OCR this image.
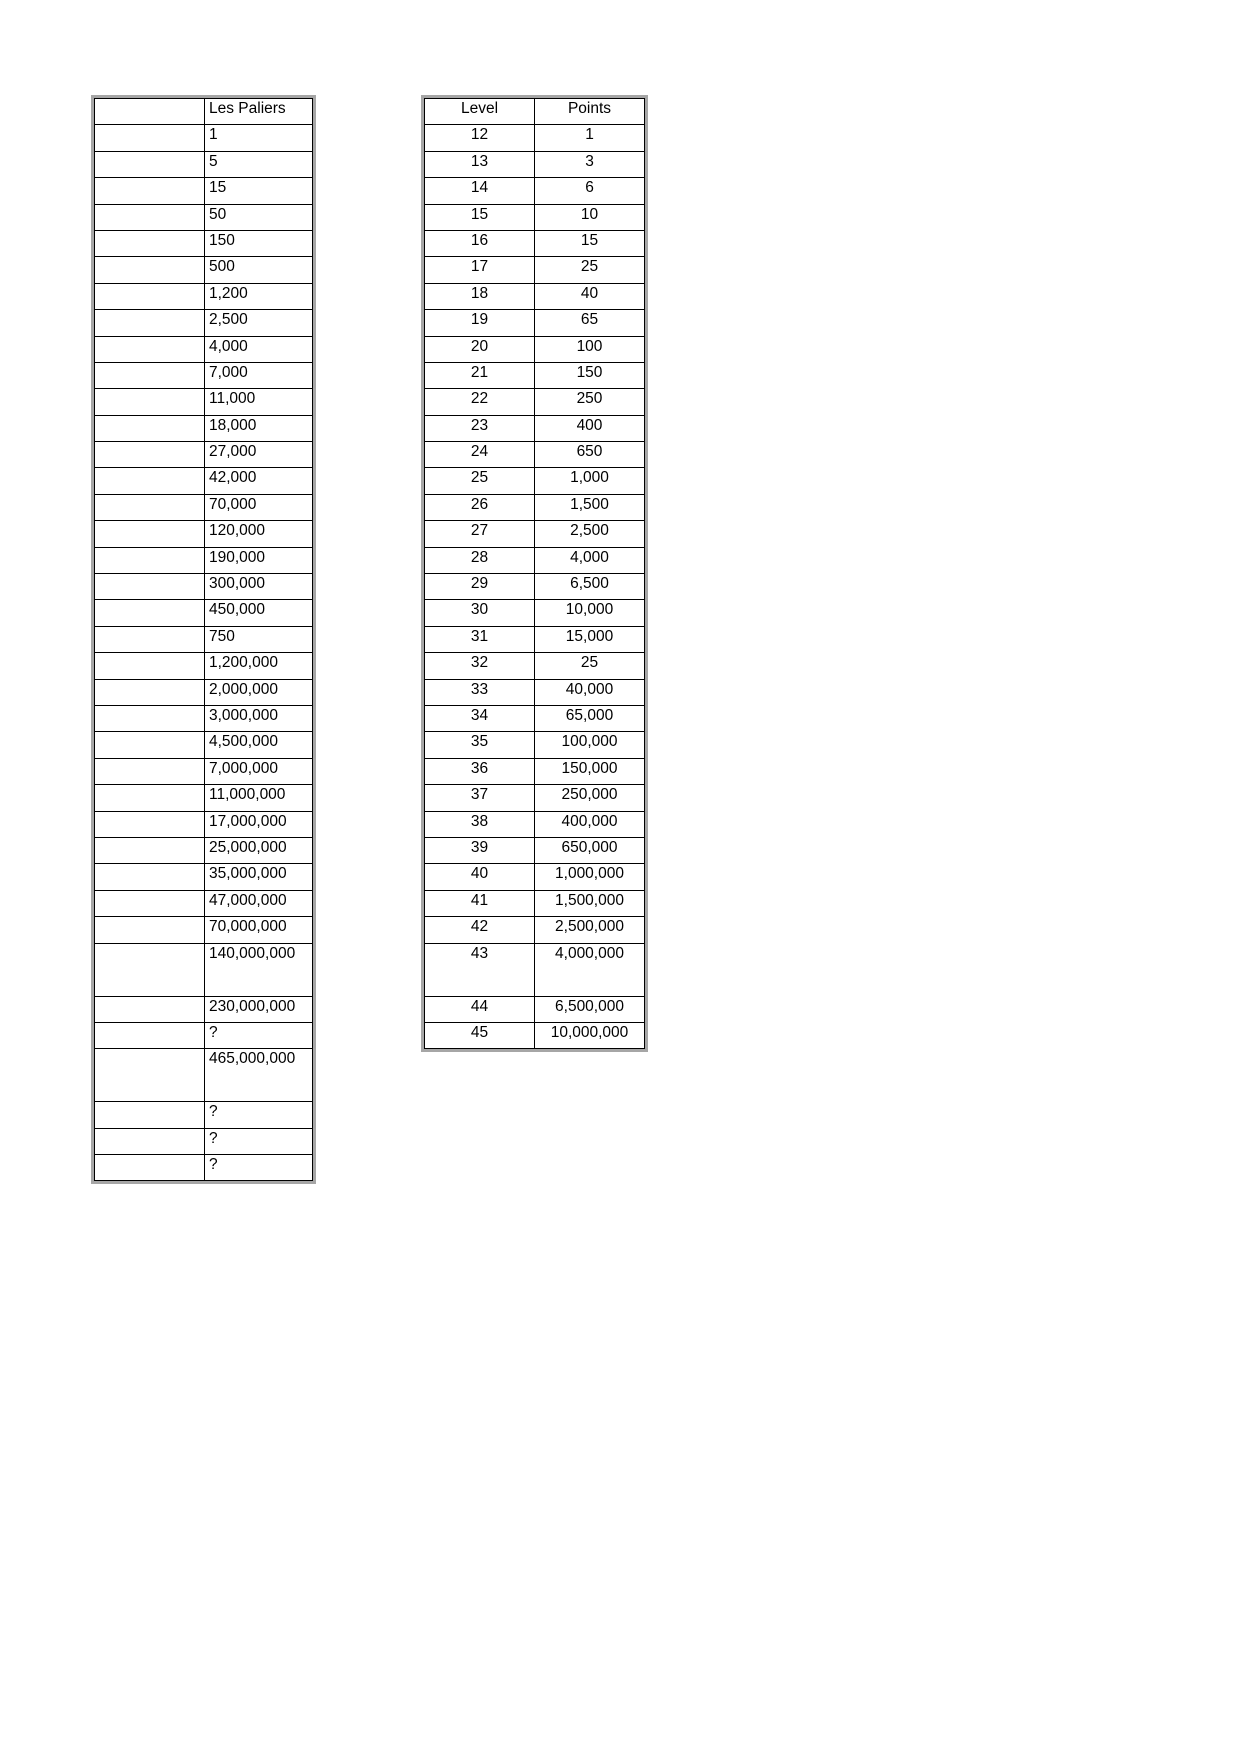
	Les Paliers
	1
	5
	15
	50
	150
	500
	1,200
	2,500
	4,000
	7,000
	11,000
	18,000
	27,000
	42,000
	70,000
	120,000
	190,000
	300,000
	450,000
	750
	1,200,000
	2,000,000
	3,000,000
	4,500,000
	7,000,000
	11,000,000
	17,000,000
	25,000,000
	35,000,000
	47,000,000
	70,000,000
	140,000,000
	230,000,000
	?
	465,000,000
	?
	?
	?
Level	Points
12	1
13	3
14	6
15	10
16	15
17	25
18	40
19	65
20	100
21	150
22	250
23	400
24	650
25	1,000
26	1,500
27	2,500
28	4,000
29	6,500
30	10,000
31	15,000
32	25
33	40,000
34	65,000
35	100,000
36	150,000
37	250,000
38	400,000
39	650,000
40	1,000,000
41	1,500,000
42	2,500,000
43	4,000,000
44	6,500,000
45	10,000,000
